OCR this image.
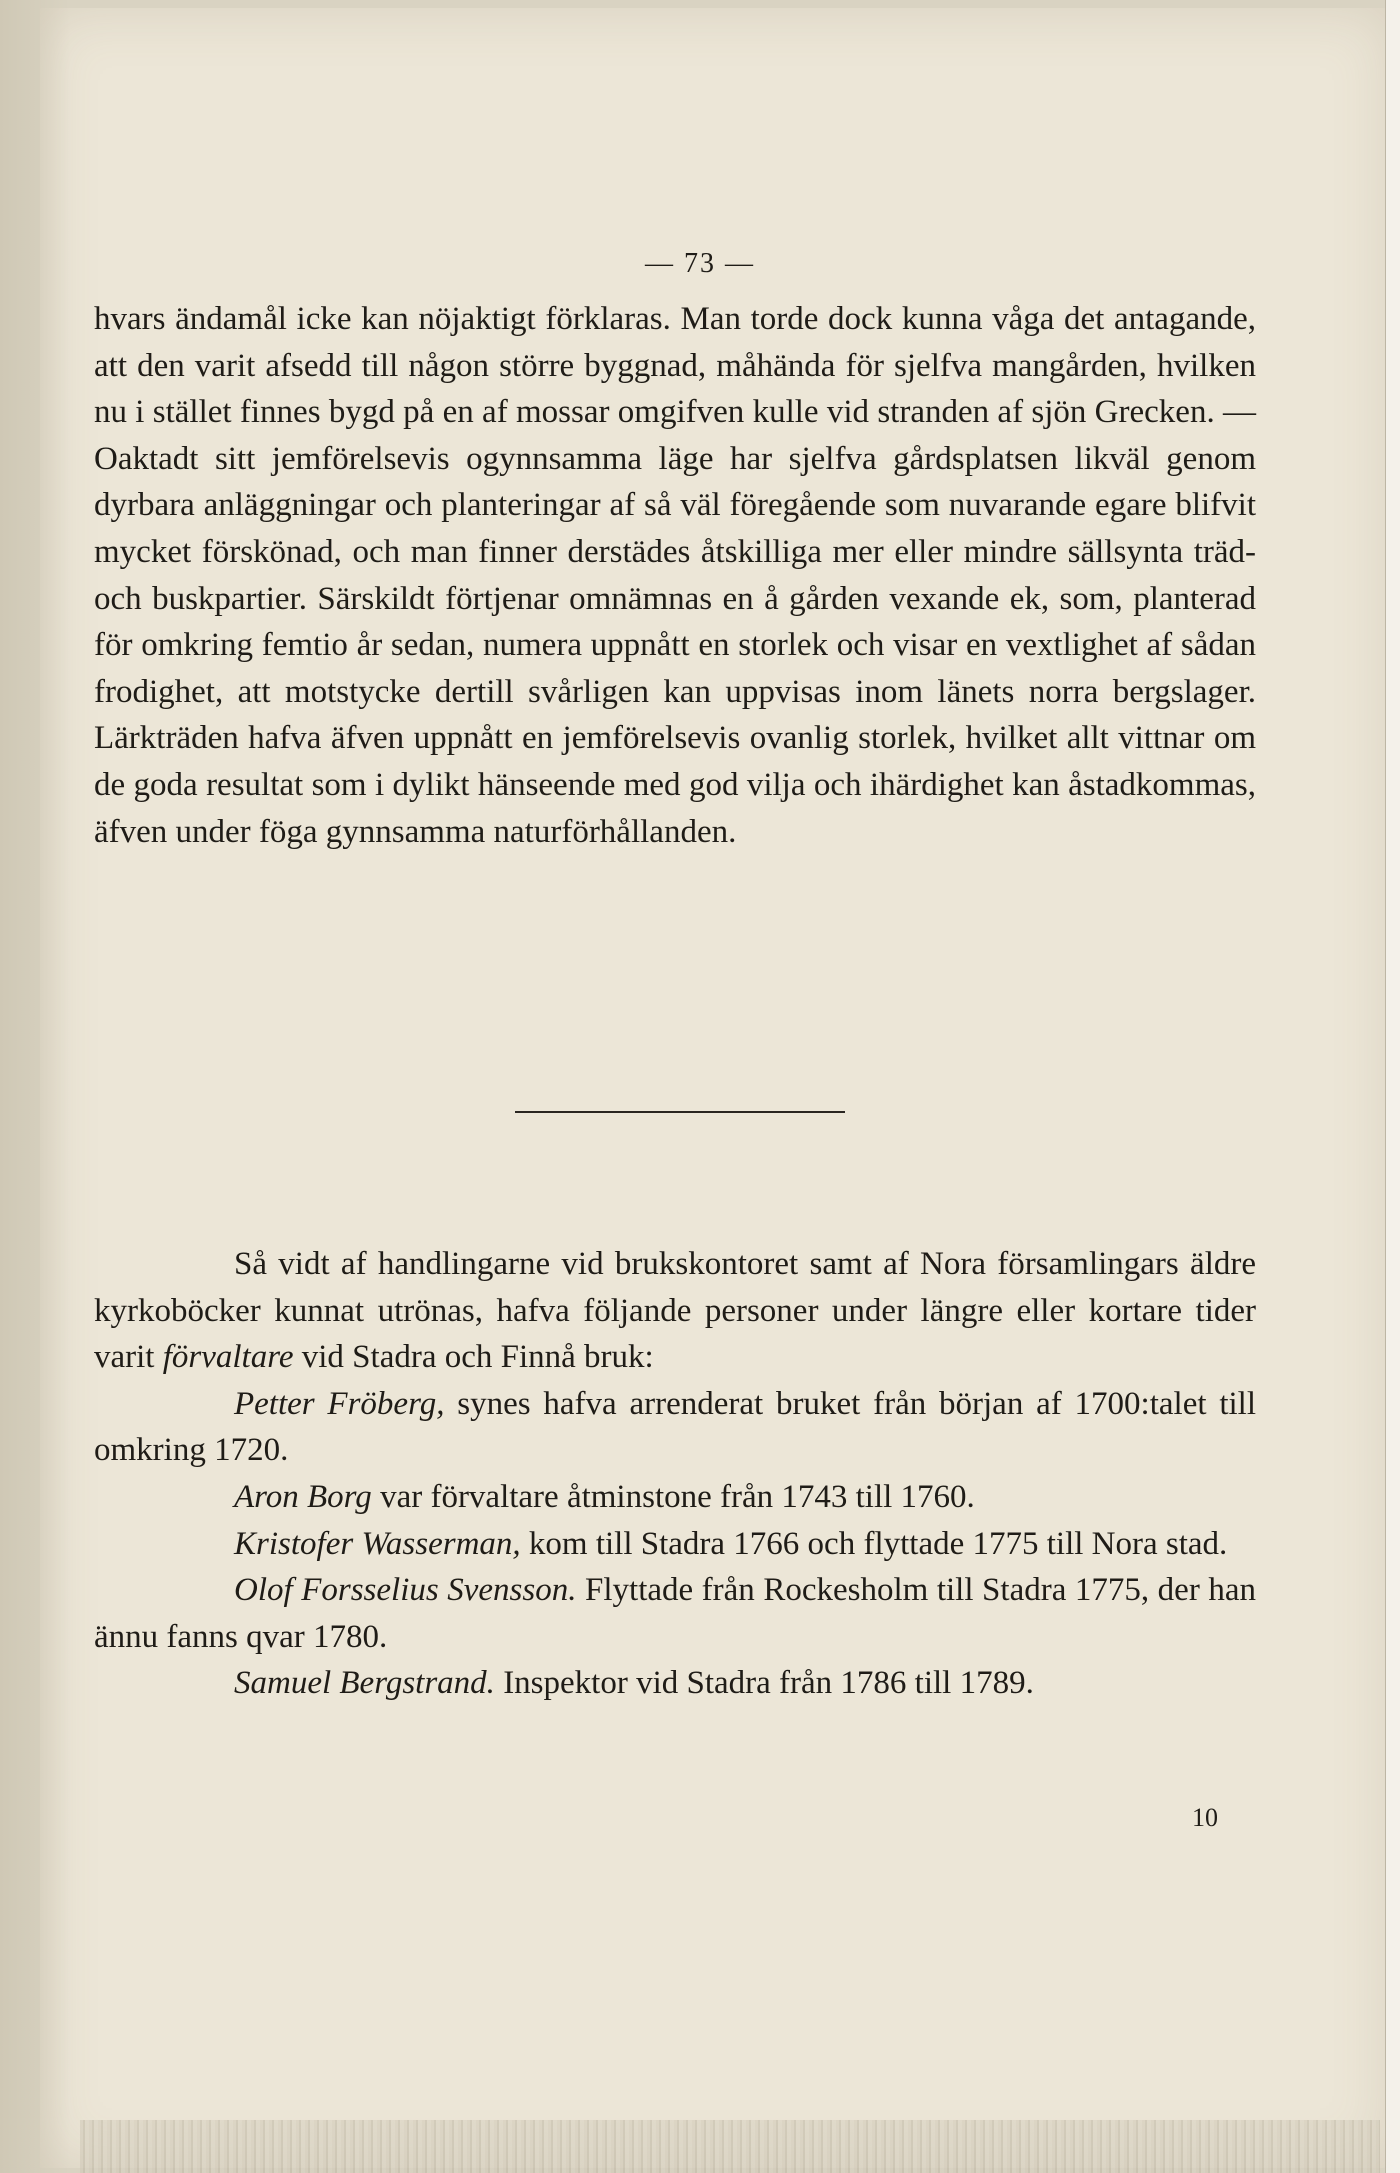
— 73 —

hvars ändamål icke kan nöjaktigt förklaras. Man torde dock kunna våga det antagande, att den varit afsedd till någon större byggnad, måhända för sjelfva mangården, hvilken nu i stället finnes bygd på en af mossar omgifven kulle vid stranden af sjön Grecken. — Oaktadt sitt jemförelsevis ogynnsamma läge har sjelfva gårdsplatsen likväl genom dyrbara anläggningar och planteringar af så väl föregående som nuvarande egare blifvit mycket förskönad, och man finner derstädes åtskilliga mer eller mindre sällsynta träd- och buskpartier. Särskildt förtjenar omnämnas en å gården vexande ek, som, planterad för omkring femtio år sedan, numera uppnått en storlek och visar en vextlighet af sådan frodighet, att motstycke dertill svårligen kan uppvisas inom länets norra bergslager. Lärkträden hafva äfven uppnått en jemförelsevis ovanlig storlek, hvilket allt vittnar om de goda resultat som i dylikt hänseende med god vilja och ihärdighet kan åstadkommas, äfven under föga gynnsamma naturförhållanden.

Så vidt af handlingarne vid brukskontoret samt af Nora församlingars äldre kyrkoböcker kunnat utrönas, hafva följande personer under längre eller kortare tider varit förvaltare vid Stadra och Finnå bruk:

Petter Fröberg, synes hafva arrenderat bruket från början af 1700:talet till omkring 1720.

Aron Borg var förvaltare åtminstone från 1743 till 1760.

Kristofer Wasserman, kom till Stadra 1766 och flyttade 1775 till Nora stad.

Olof Forsselius Svensson. Flyttade från Rockesholm till Stadra 1775, der han ännu fanns qvar 1780.

Samuel Bergstrand. Inspektor vid Stadra från 1786 till 1789.

10
